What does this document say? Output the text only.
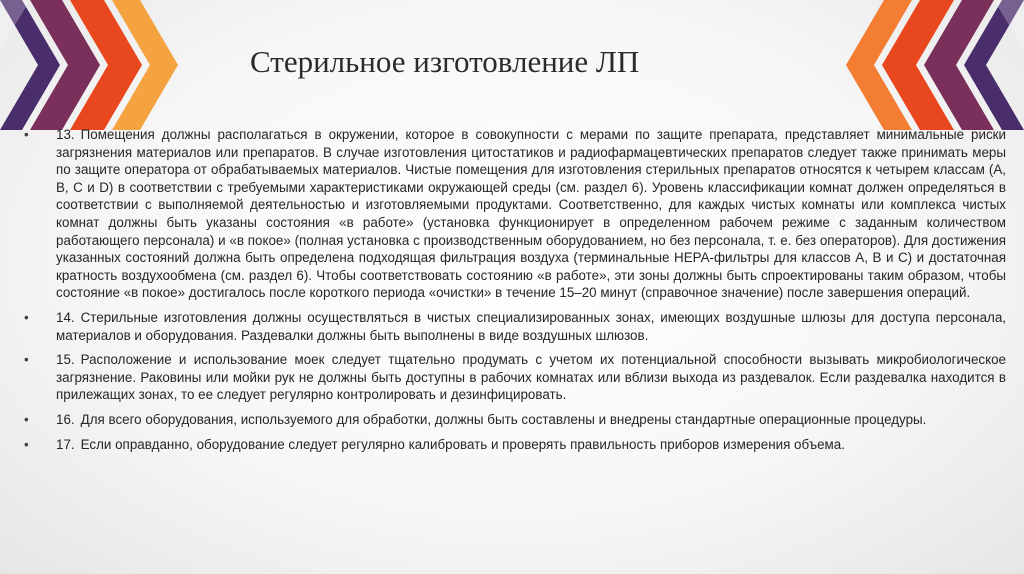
Стерильное изготовление ЛП
•	13. Помещения должны располагаться в окружении, которое в совокупности с мерами по защите препарата, представляет минимальные риски загрязнения материалов или препаратов. В случае изготовления цитостатиков и радиофармацевтических препаратов следует также принимать меры по защите оператора от обрабатываемых материалов. Чистые помещения для изготовления стерильных препаратов относятся к четырем классам (A, B, C и D) в соответствии с требуемыми характеристиками окружающей среды (см. раздел 6). Уровень классификации комнат должен определяться в соответствии с выполняемой деятельностью и изготовляемыми продуктами. Соответственно, для каждых чистых комнаты или комплекса чистых комнат должны быть указаны состояния «в работе» (установка функционирует в определенном рабочем режиме с заданным количеством работающего персонала) и «в покое» (полная установка с производственным оборудованием, но без персонала, т. е. без операторов). Для достижения указанных состояний должна быть определена подходящая фильтрация воздуха (терминальные HEPA-фильтры для классов A, B и C) и достаточная кратность воздухообмена (см. раздел 6). Чтобы соответствовать состоянию «в работе», эти зоны должны быть спроектированы таким образом, чтобы состояние «в покое» достигалось после короткого периода «очистки» в течение 15–20 минут (справочное значение) после завершения операций.
•	14. Стерильные изготовления должны осуществляться в чистых специализированных зонах, имеющих воздушные шлюзы для доступа персонала, материалов и оборудования. Раздевалки должны быть выполнены в виде воздушных шлюзов.
•	15. Расположение и использование моек следует тщательно продумать с учетом их потенциальной способности вызывать микробиологическое загрязнение. Раковины или мойки рук не должны быть доступны в рабочих комнатах или вблизи выхода из раздевалок. Если раздевалка находится в прилежащих зонах, то ее следует регулярно контролировать и дезинфицировать.
•	16. Для всего оборудования, используемого для обработки, должны быть составлены и внедрены стандартные операционные процедуры.
•	17. Если оправданно, оборудование следует регулярно калибровать и проверять правильность приборов измерения объема.
